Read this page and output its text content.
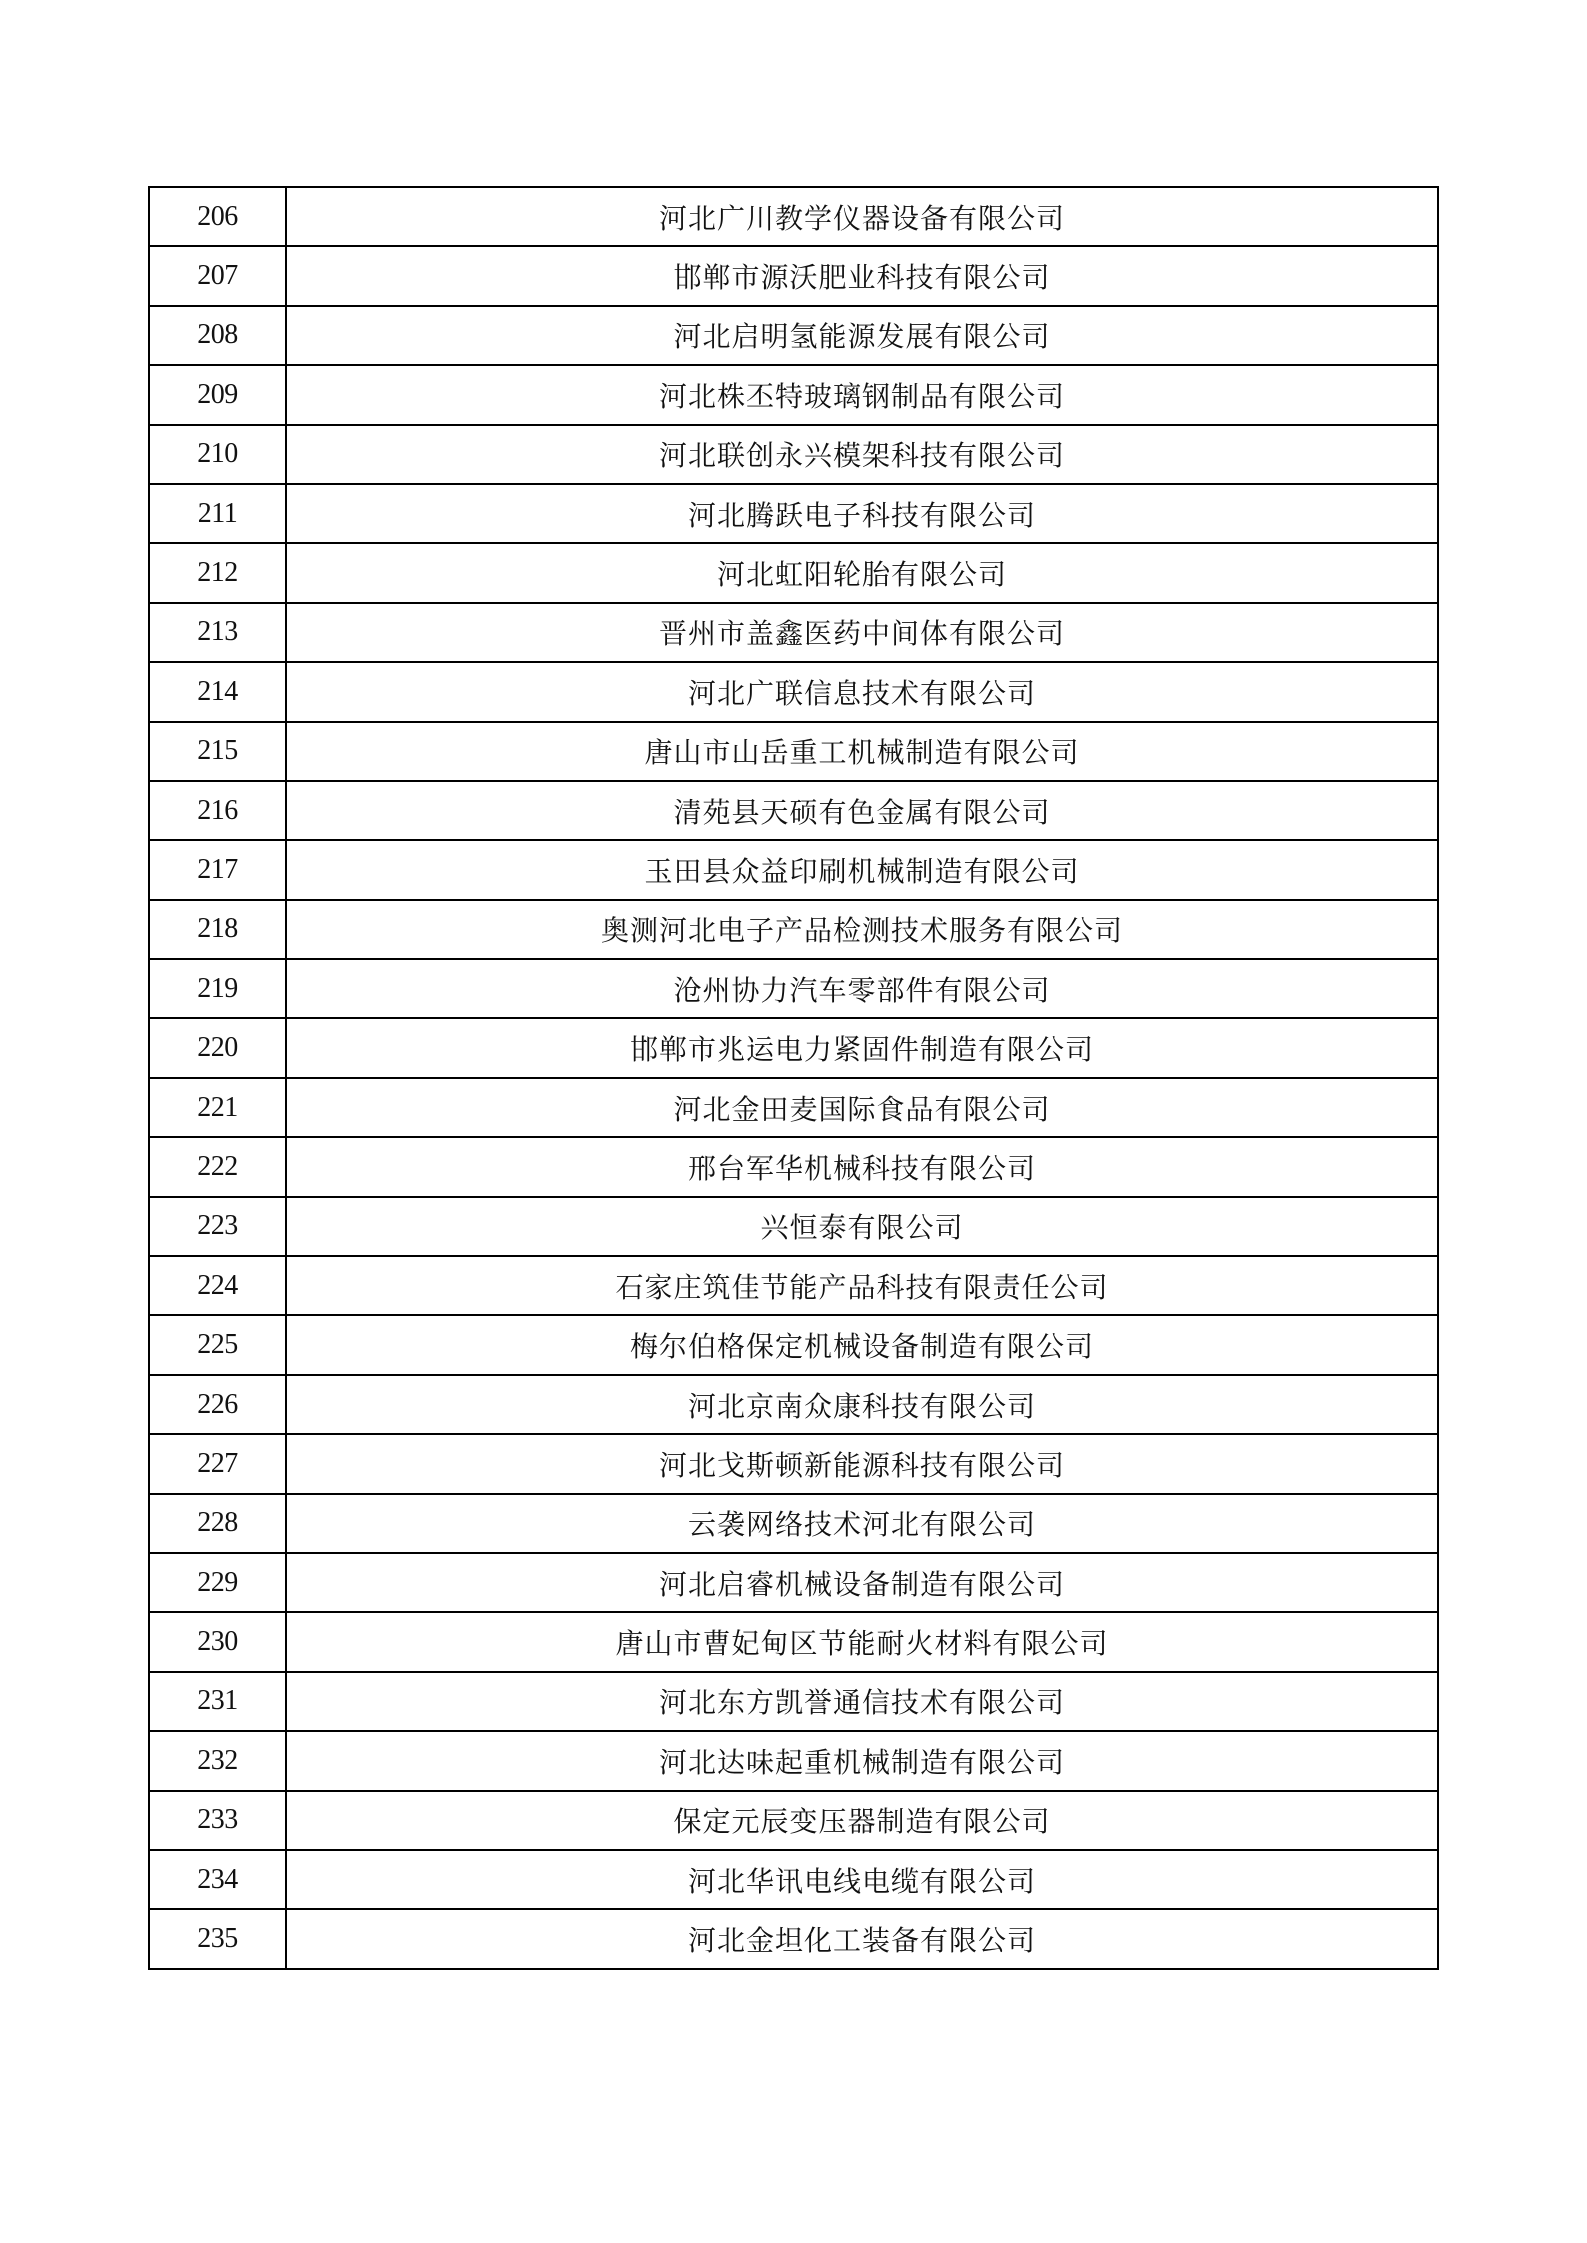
206	河北广川教学仪器设备有限公司
207	邯郸市源沃肥业科技有限公司
208	河北启明氢能源发展有限公司
209	河北株丕特玻璃钢制品有限公司
210	河北联创永兴模架科技有限公司
211	河北腾跃电子科技有限公司
212	河北虹阳轮胎有限公司
213	晋州市盖鑫医药中间体有限公司
214	河北广联信息技术有限公司
215	唐山市山岳重工机械制造有限公司
216	清苑县天硕有色金属有限公司
217	玉田县众益印刷机械制造有限公司
218	奥测河北电子产品检测技术服务有限公司
219	沧州协力汽车零部件有限公司
220	邯郸市兆运电力紧固件制造有限公司
221	河北金田麦国际食品有限公司
222	邢台军华机械科技有限公司
223	兴恒泰有限公司
224	石家庄筑佳节能产品科技有限责任公司
225	梅尔伯格保定机械设备制造有限公司
226	河北京南众康科技有限公司
227	河北戈斯顿新能源科技有限公司
228	云袭网络技术河北有限公司
229	河北启睿机械设备制造有限公司
230	唐山市曹妃甸区节能耐火材料有限公司
231	河北东方凯誉通信技术有限公司
232	河北达味起重机械制造有限公司
233	保定元辰变压器制造有限公司
234	河北华讯电线电缆有限公司
235	河北金坦化工装备有限公司
